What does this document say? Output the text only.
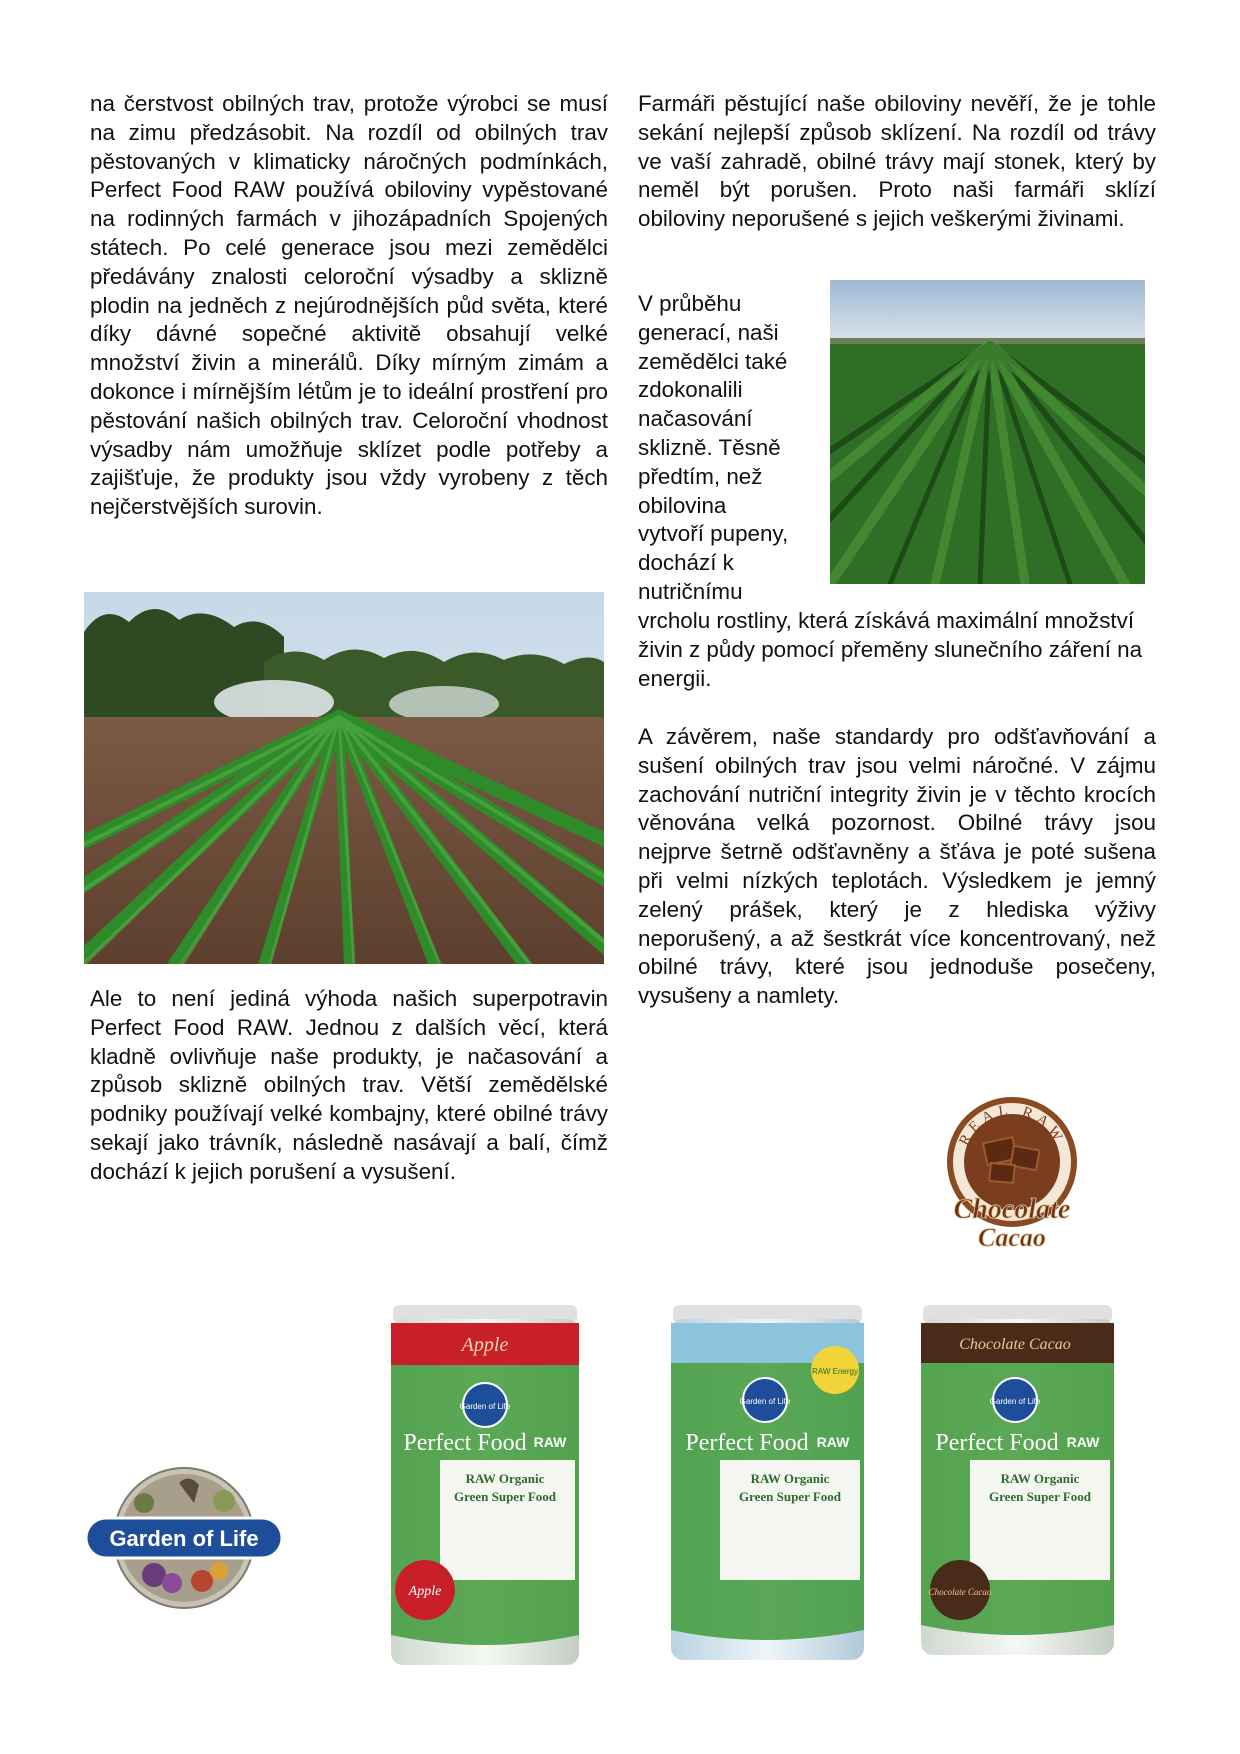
na čerstvost obilných trav, protože výrobci se musí na zimu předzásobit. Na rozdíl od obilných trav pěstovaných v klimaticky náročných podmínkách, Perfect Food RAW používá obiloviny vypěstované na rodinných farmách v jihozápadních Spojených státech. Po celé generace jsou mezi zemědělci předávány znalosti celoroční výsadby a sklizně plodin na jedněch z nejúrodnějších půd světa, které díky dávné sopečné aktivitě obsahují velké množství živin a minerálů. Díky mírným zimám a dokonce i mírnějším létům je to ideální prostření pro pěstování našich obilných trav. Celoroční vhodnost výsadby nám umožňuje sklízet podle potřeby a zajišťuje, že produkty jsou vždy vyrobeny z těch nejčerstvějších surovin.

Ale to není jediná výhoda našich superpotravin Perfect Food RAW. Jednou z dalších věcí, která kladně ovlivňuje naše produkty, je načasování a způsob sklizně obilných trav. Větší zemědělské podniky používají velké kombajny, které obilné trávy sekají jako trávník, následně nasávají a balí, čímž dochází k jejich porušení a vysušení.

Farmáři pěstující naše obiloviny nevěří, že je tohle sekání nejlepší způsob sklízení. Na rozdíl od trávy ve vaší zahradě, obilné trávy mají stonek, který by neměl být porušen. Proto naši farmáři sklízí obiloviny neporušené s jejich veškerými živinami.

V průběhu generací, naši zemědělci také zdokonalili načasování sklizně. Těsně předtím, než obilovina vytvoří pupeny, dochází k nutričnímu

vrcholu rostliny, která získává maximální množství živin z půdy pomocí přeměny slunečního záření na energii.

A závěrem, naše standardy pro odšťavňování a sušení obilných trav jsou velmi náročné. V zájmu zachování nutriční integrity živin je v těchto krocích věnována velká pozornost. Obilné trávy jsou nejprve šetrně odšťavněny a šťáva je poté sušena při velmi nízkých teplotách. Výsledkem je jemný zelený prášek, který je z hlediska výživy neporušený, a až šestkrát více koncentrovaný, než obilné trávy, které jsou jednoduše posečeny, vysušeny a namlety.

REAL RAW
Chocolate
Cacao
Garden of Life
Apple
Garden of Life
Perfect Food RAW
RAW Organic
Green Super Food
Apple
Garden of Life
RAW Energy
Perfect Food RAW
RAW Organic
Green Super Food
Chocolate Cacao
Garden of Life
Perfect Food RAW
RAW Organic
Green Super Food
Chocolate Cacao
